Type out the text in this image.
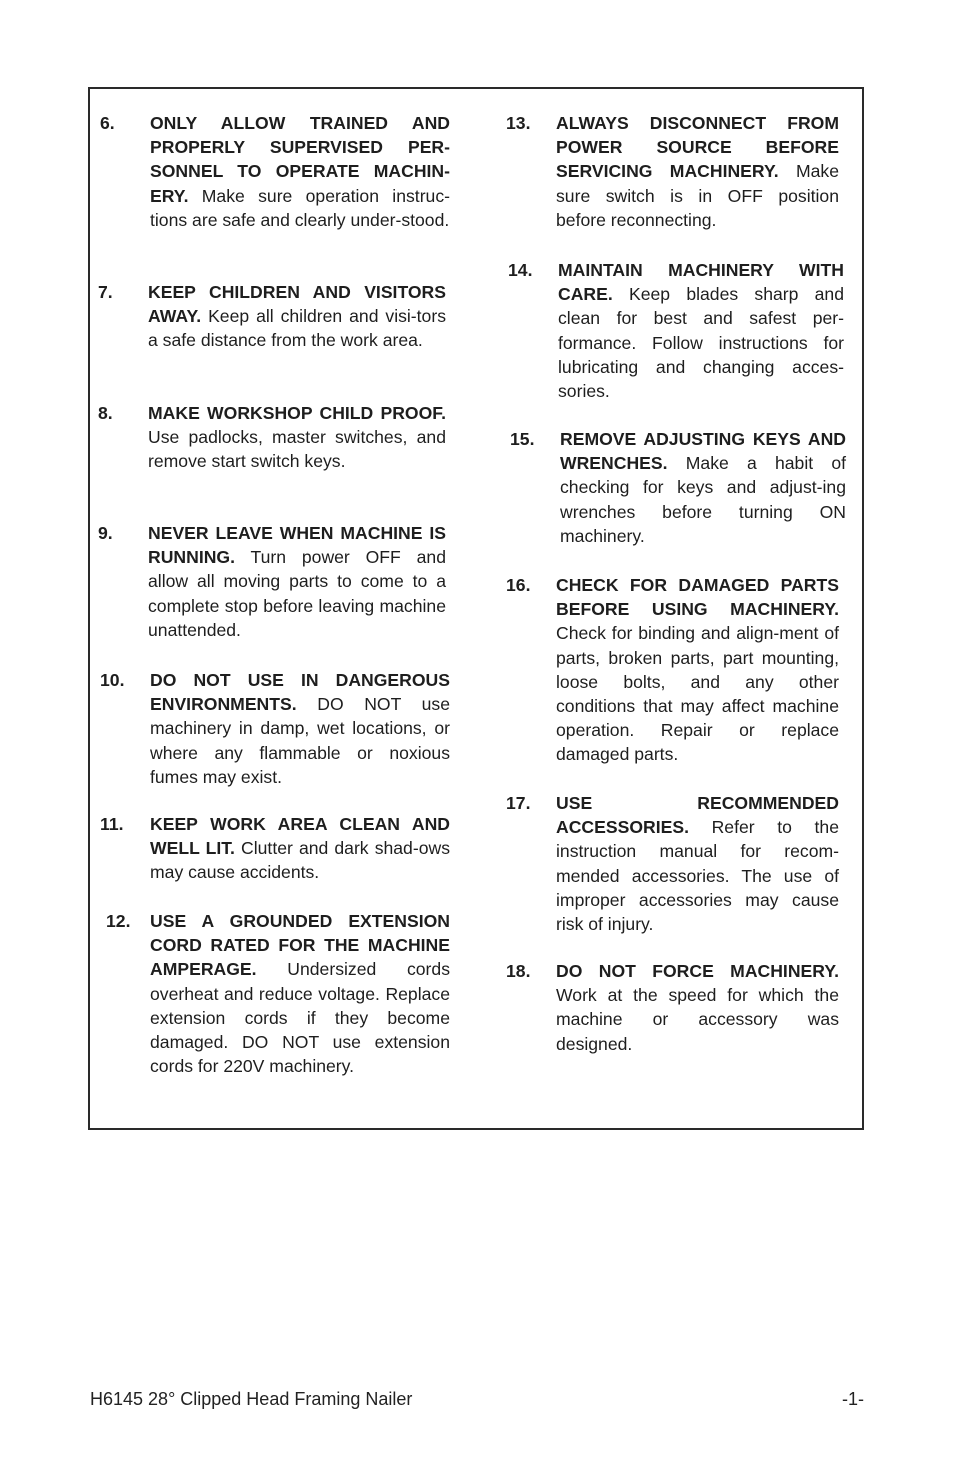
6. ONLY ALLOW TRAINED AND PROPERLY SUPERVISED PER-SONNEL TO OPERATE MACHIN-ERY. Make sure operation instruc-tions are safe and clearly under-stood.
7. KEEP CHILDREN AND VISITORS AWAY. Keep all children and visi-tors a safe distance from the work area.
8. MAKE WORKSHOP CHILD PROOF. Use padlocks, master switches, and remove start switch keys.
9. NEVER LEAVE WHEN MACHINE IS RUNNING. Turn power OFF and allow all moving parts to come to a complete stop before leaving machine unattended.
10. DO NOT USE IN DANGEROUS ENVIRONMENTS. DO NOT use machinery in damp, wet locations, or where any flammable or noxious fumes may exist.
11. KEEP WORK AREA CLEAN AND WELL LIT. Clutter and dark shad-ows may cause accidents.
12. USE A GROUNDED EXTENSION CORD RATED FOR THE MACHINE AMPERAGE. Undersized cords overheat and reduce voltage. Replace extension cords if they become damaged. DO NOT use extension cords for 220V machinery.
13. ALWAYS DISCONNECT FROM POWER SOURCE BEFORE SERVICING MACHINERY. Make sure switch is in OFF position before reconnecting.
14. MAINTAIN MACHINERY WITH CARE. Keep blades sharp and clean for best and safest per-formance. Follow instructions for lubricating and changing acces-sories.
15. REMOVE ADJUSTING KEYS AND WRENCHES. Make a habit of checking for keys and adjust-ing wrenches before turning ON machinery.
16. CHECK FOR DAMAGED PARTS BEFORE USING MACHINERY. Check for binding and align-ment of parts, broken parts, part mounting, loose bolts, and any other conditions that may affect machine operation. Repair or replace damaged parts.
17. USE RECOMMENDED ACCESSORIES. Refer to the instruction manual for recom-mended accessories. The use of improper accessories may cause risk of injury.
18. DO NOT FORCE MACHINERY. Work at the speed for which the machine or accessory was designed.
H6145 28° Clipped Head Framing Nailer	-1-
